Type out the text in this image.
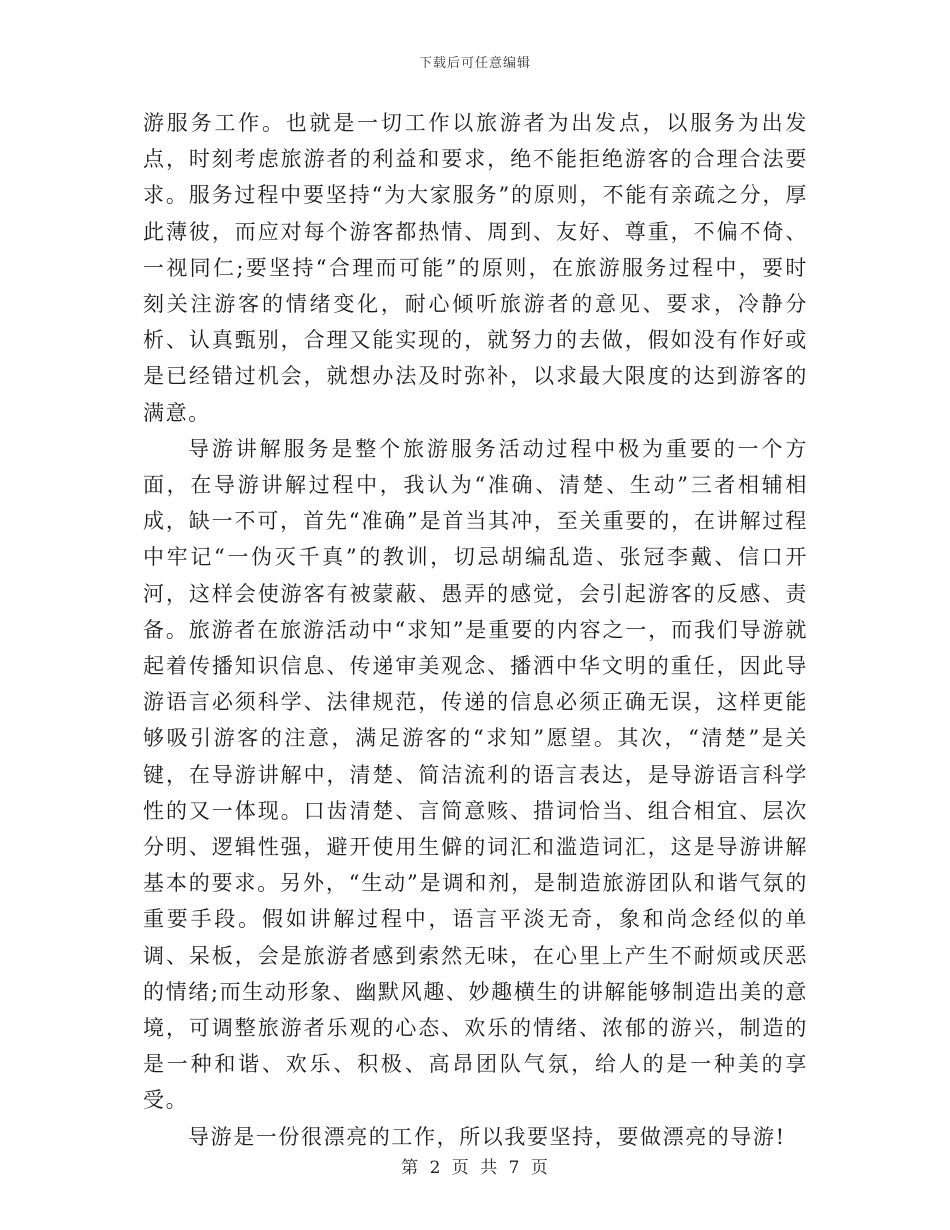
下载后可任意编辑

游服务工作。也就是一切工作以旅游者为出发点，以服务为出发点，时刻考虑旅游者的利益和要求，绝不能拒绝游客的合理合法要求。服务过程中要坚持“为大家服务”的原则，不能有亲疏之分，厚此薄彼，而应对每个游客都热情、周到、友好、尊重，不偏不倚、一视同仁;要坚持“合理而可能”的原则，在旅游服务过程中，要时刻关注游客的情绪变化，耐心倾听旅游者的意见、要求，冷静分析、认真甄别，合理又能实现的，就努力的去做，假如没有作好或是已经错过机会，就想办法及时弥补，以求最大限度的达到游客的满意。

导游讲解服务是整个旅游服务活动过程中极为重要的一个方面，在导游讲解过程中，我认为“准确、清楚、生动”三者相辅相成，缺一不可，首先“准确”是首当其冲，至关重要的，在讲解过程中牢记“一伪灭千真”的教训，切忌胡编乱造、张冠李戴、信口开河，这样会使游客有被蒙蔽、愚弄的感觉，会引起游客的反感、责备。旅游者在旅游活动中“求知”是重要的内容之一，而我们导游就起着传播知识信息、传递审美观念、播洒中华文明的重任，因此导游语言必须科学、法律规范，传递的信息必须正确无误，这样更能够吸引游客的注意，满足游客的“求知”愿望。其次，“清楚”是关键，在导游讲解中，清楚、简洁流利的语言表达，是导游语言科学性的又一体现。口齿清楚、言简意赅、措词恰当、组合相宜、层次分明、逻辑性强，避开使用生僻的词汇和滥造词汇，这是导游讲解基本的要求。另外，“生动”是调和剂，是制造旅游团队和谐气氛的重要手段。假如讲解过程中，语言平淡无奇，象和尚念经似的单调、呆板，会是旅游者感到索然无味，在心里上产生不耐烦或厌恶的情绪;而生动形象、幽默风趣、妙趣横生的讲解能够制造出美的意境，可调整旅游者乐观的心态、欢乐的情绪、浓郁的游兴，制造的是一种和谐、欢乐、积极、高昂团队气氛，给人的是一种美的享受。

导游是一份很漂亮的工作，所以我要坚持，要做漂亮的导游!

第 2 页 共 7 页
